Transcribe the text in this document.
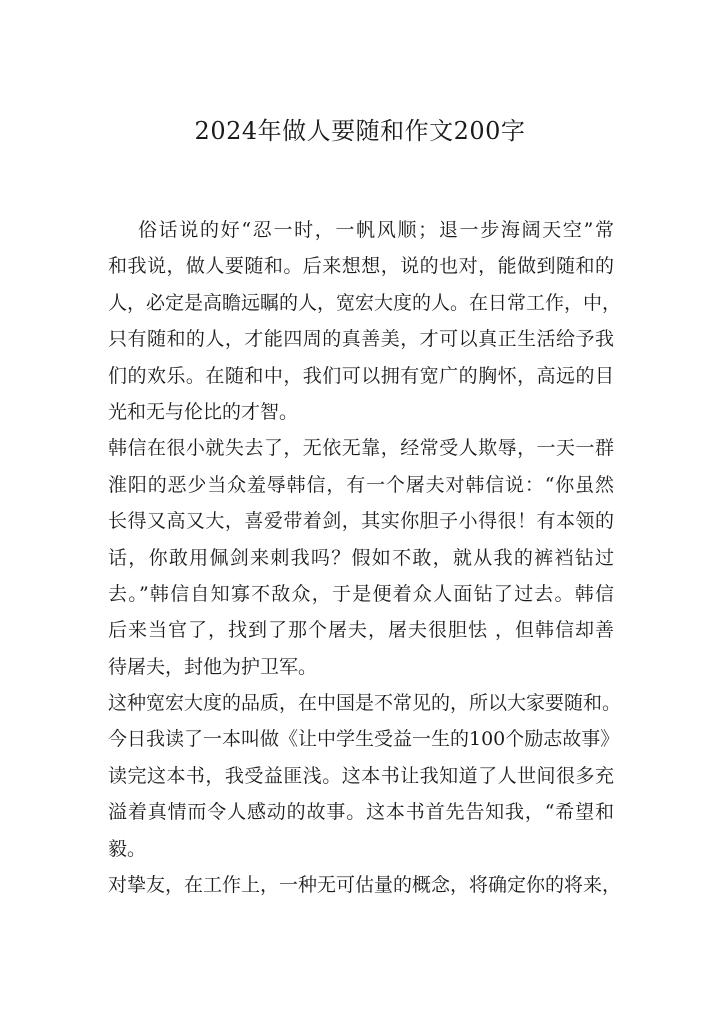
2024年做人要随和作文200字
俗话说的好“忍一时，一帆风顺；退一步海阔天空”常
和我说，做人要随和。后来想想，说的也对，能做到随和的
人，必定是高瞻远瞩的人，宽宏大度的人。在日常工作，中，
只有随和的人，才能四周的真善美，才可以真正生活给予我
们的欢乐。在随和中，我们可以拥有宽广的胸怀，高远的目
光和无与伦比的才智。
韩信在很小就失去了，无依无靠，经常受人欺辱，一天一群
淮阳的恶少当众羞辱韩信，有一个屠夫对韩信说：“你虽然
长得又高又大，喜爱带着剑，其实你胆子小得很！有本领的
话，你敢用佩剑来刺我吗？假如不敢，就从我的裤裆钻过
去。”韩信自知寡不敌众，于是便着众人面钻了过去。韩信
后来当官了，找到了那个屠夫，屠夫很胆怯 ，但韩信却善
待屠夫，封他为护卫军。
这种宽宏大度的品质，在中国是不常见的，所以大家要随和。
今日我读了一本叫做《让中学生受益一生的100个励志故事》
读完这本书，我受益匪浅。这本书让我知道了人世间很多充
溢着真情而令人感动的故事。这本书首先告知我，“希望和
毅。
对挚友，在工作上，一种无可估量的概念，将确定你的将来，
